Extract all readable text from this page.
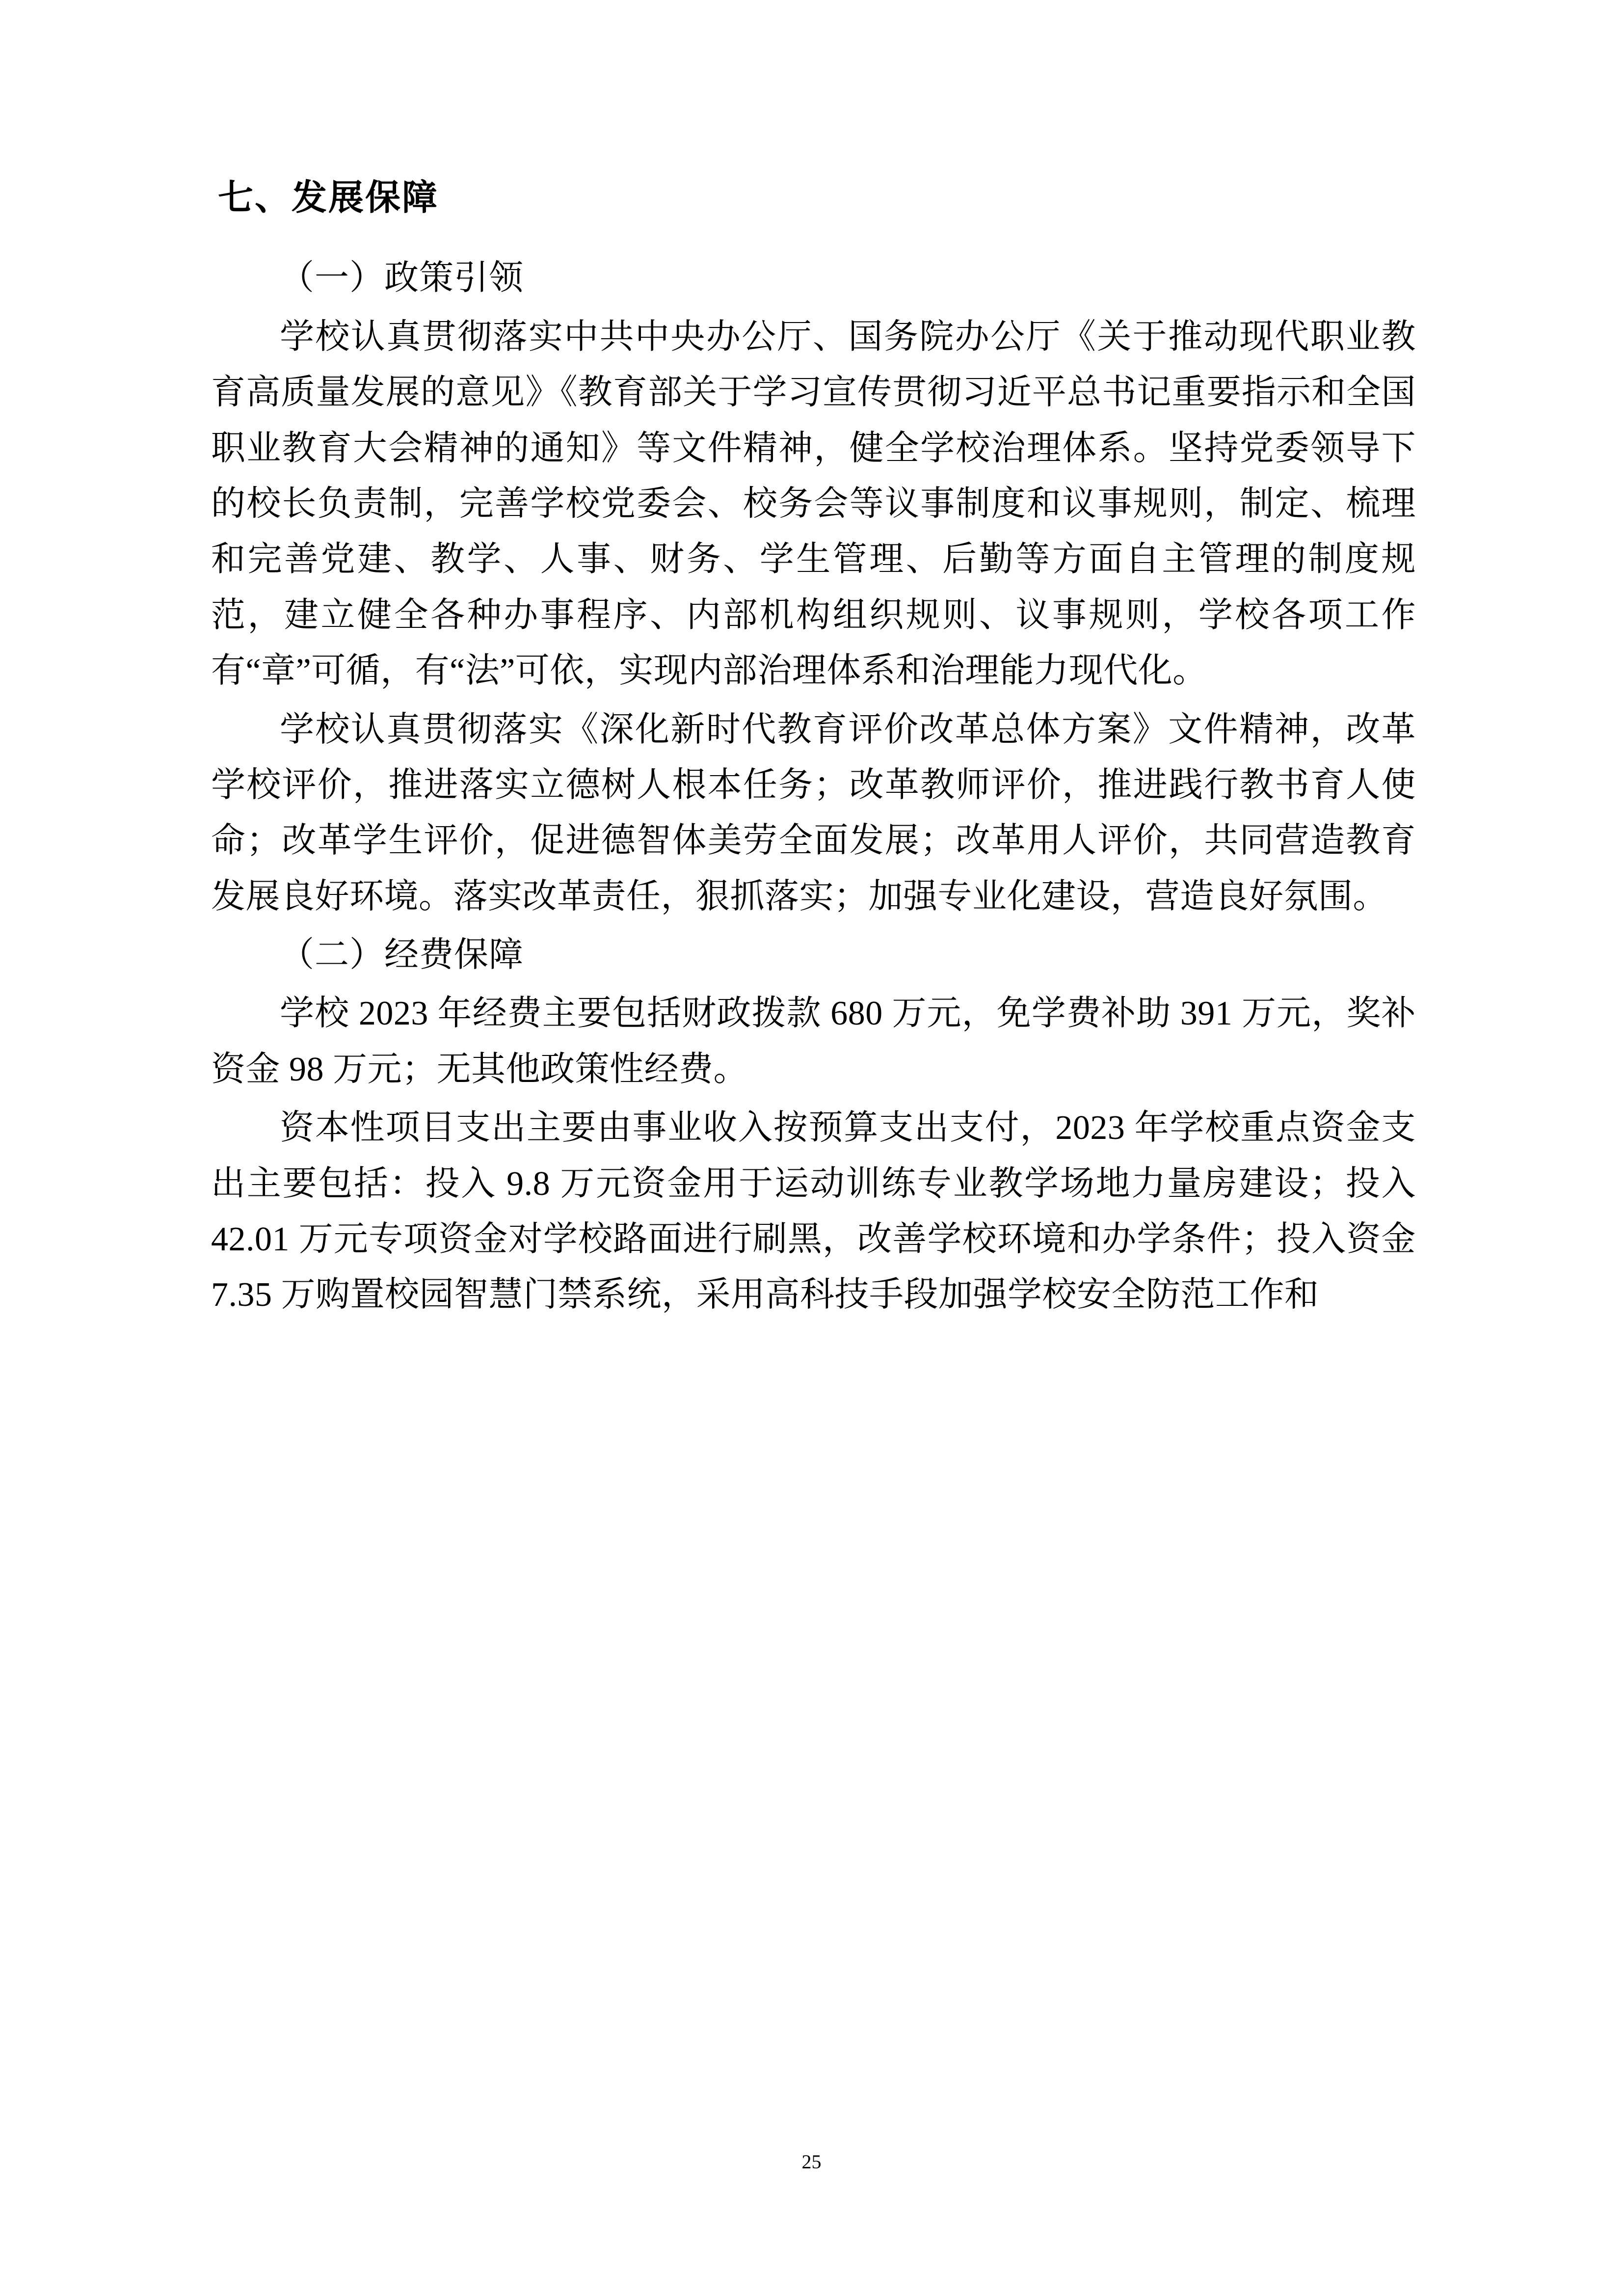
七、发展保障
（一）政策引领

学校认真贯彻落实中共中央办公厅、国务院办公厅《关于推动现代职业教育高质量发展的意见》《教育部关于学习宣传贯彻习近平总书记重要指示和全国职业教育大会精神的通知》等文件精神，健全学校治理体系。坚持党委领导下的校长负责制，完善学校党委会、校务会等议事制度和议事规则，制定、梳理和完善党建、教学、人事、财务、学生管理、后勤等方面自主管理的制度规范，建立健全各种办事程序、内部机构组织规则、议事规则，学校各项工作有“章”可循，有“法”可依，实现内部治理体系和治理能力现代化。

学校认真贯彻落实《深化新时代教育评价改革总体方案》文件精神，改革学校评价，推进落实立德树人根本任务；改革教师评价，推进践行教书育人使命；改革学生评价，促进德智体美劳全面发展；改革用人评价，共同营造教育发展良好环境。落实改革责任，狠抓落实；加强专业化建设，营造良好氛围。

（二）经费保障

学校 2023 年经费主要包括财政拨款 680 万元，免学费补助 391 万元，奖补资金 98 万元；无其他政策性经费。

资本性项目支出主要由事业收入按预算支出支付，2023 年学校重点资金支出主要包括：投入 9.8 万元资金用于运动训练专业教学场地力量房建设；投入 42.01 万元专项资金对学校路面进行刷黑，改善学校环境和办学条件；投入资金 7.35 万购置校园智慧门禁系统，采用高科技手段加强学校安全防范工作和

25
